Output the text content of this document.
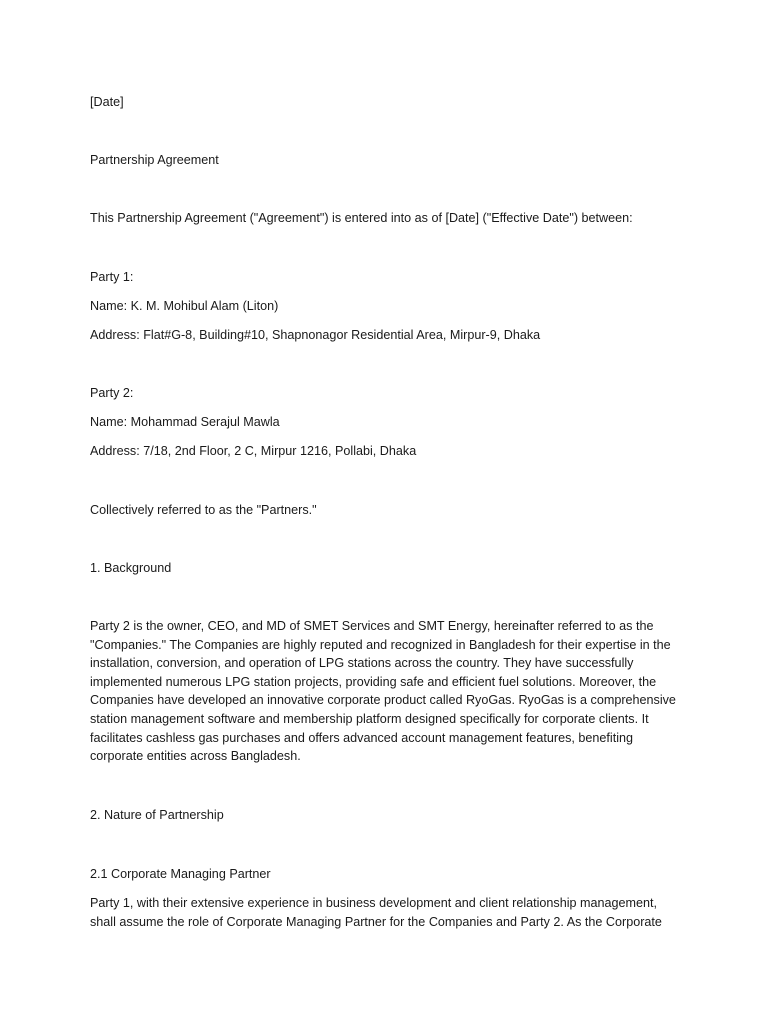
[Date]

Partnership Agreement

This Partnership Agreement ("Agreement") is entered into as of [Date] ("Effective Date") between:

Party 1:

Name: K. M. Mohibul Alam (Liton)

Address: Flat#G-8, Building#10, Shapnonagor Residential Area, Mirpur-9, Dhaka

Party 2:

Name: Mohammad Serajul Mawla

Address: 7/18, 2nd Floor, 2 C, Mirpur 1216, Pollabi, Dhaka

Collectively referred to as the "Partners."

1. Background

Party 2 is the owner, CEO, and MD of SMET Services and SMT Energy, hereinafter referred to as the
"Companies." The Companies are highly reputed and recognized in Bangladesh for their expertise in the
installation, conversion, and operation of LPG stations across the country. They have successfully
implemented numerous LPG station projects, providing safe and efficient fuel solutions. Moreover, the
Companies have developed an innovative corporate product called RyoGas. RyoGas is a comprehensive
station management software and membership platform designed specifically for corporate clients. It
facilitates cashless gas purchases and offers advanced account management features, benefiting
corporate entities across Bangladesh.

2. Nature of Partnership

2.1 Corporate Managing Partner

Party 1, with their extensive experience in business development and client relationship management,
shall assume the role of Corporate Managing Partner for the Companies and Party 2. As the Corporate
